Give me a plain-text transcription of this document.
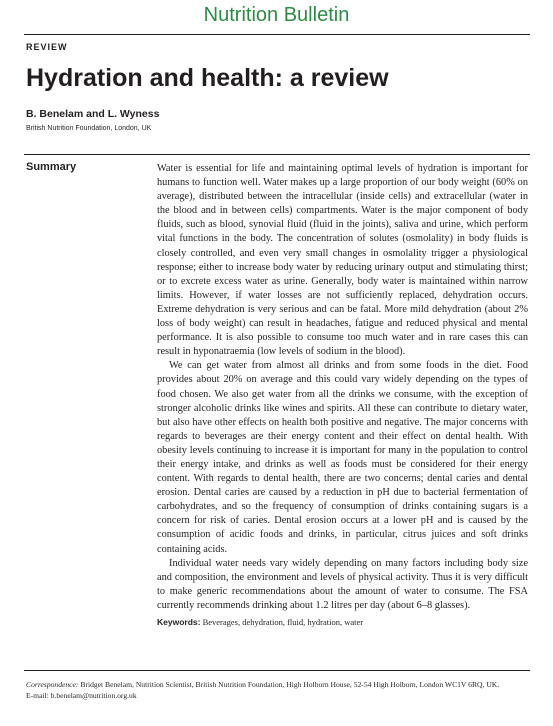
Nutrition Bulletin
REVIEW
Hydration and health: a review
B. Benelam and L. Wyness
British Nutrition Foundation, London, UK
Summary	Water is essential for life and maintaining optimal levels of hydration is important for humans to function well. Water makes up a large proportion of our body weight (60% on average), distributed between the intracellular (inside cells) and extracellular (water in the blood and in between cells) compartments. Water is the major component of body fluids, such as blood, synovial fluid (fluid in the joints), saliva and urine, which perform vital functions in the body. The concentration of solutes (osmolality) in body fluids is closely controlled, and even very small changes in osmolality trigger a physiological response; either to increase body water by reducing urinary output and stimulating thirst; or to excrete excess water as urine. Generally, body water is maintained within narrow limits. However, if water losses are not sufficiently replaced, dehydration occurs. Extreme dehydration is very serious and can be fatal. More mild dehydration (about 2% loss of body weight) can result in headaches, fatigue and reduced physical and mental performance. It is also possible to consume too much water and in rare cases this can result in hyponatraemia (low levels of sodium in the blood).

We can get water from almost all drinks and from some foods in the diet. Food provides about 20% on average and this could vary widely depending on the types of food chosen. We also get water from all the drinks we consume, with the exception of stronger alcoholic drinks like wines and spirits. All these can contribute to dietary water, but also have other effects on health both positive and negative. The major concerns with regards to beverages are their energy content and their effect on dental health. With obesity levels continuing to increase it is important for many in the population to control their energy intake, and drinks as well as foods must be considered for their energy content. With regards to dental health, there are two concerns; dental caries and dental erosion. Dental caries are caused by a reduction in pH due to bacterial fermentation of carbohydrates, and so the frequency of consumption of drinks containing sugars is a concern for risk of caries. Dental erosion occurs at a lower pH and is caused by the consumption of acidic foods and drinks, in particular, citrus juices and soft drinks containing acids.

Individual water needs vary widely depending on many factors including body size and composition, the environment and levels of physical activity. Thus it is very difficult to make generic recommendations about the amount of water to consume. The FSA currently recommends drinking about 1.2 litres per day (about 6–8 glasses).

Keywords: Beverages, dehydration, fluid, hydration, water
Correspondence: Bridget Benelam, Nutrition Scientist, British Nutrition Foundation, High Holborn House, 52-54 High Holborn, London WC1V 6RQ, UK.
E-mail: b.benelam@nutrition.org.uk
